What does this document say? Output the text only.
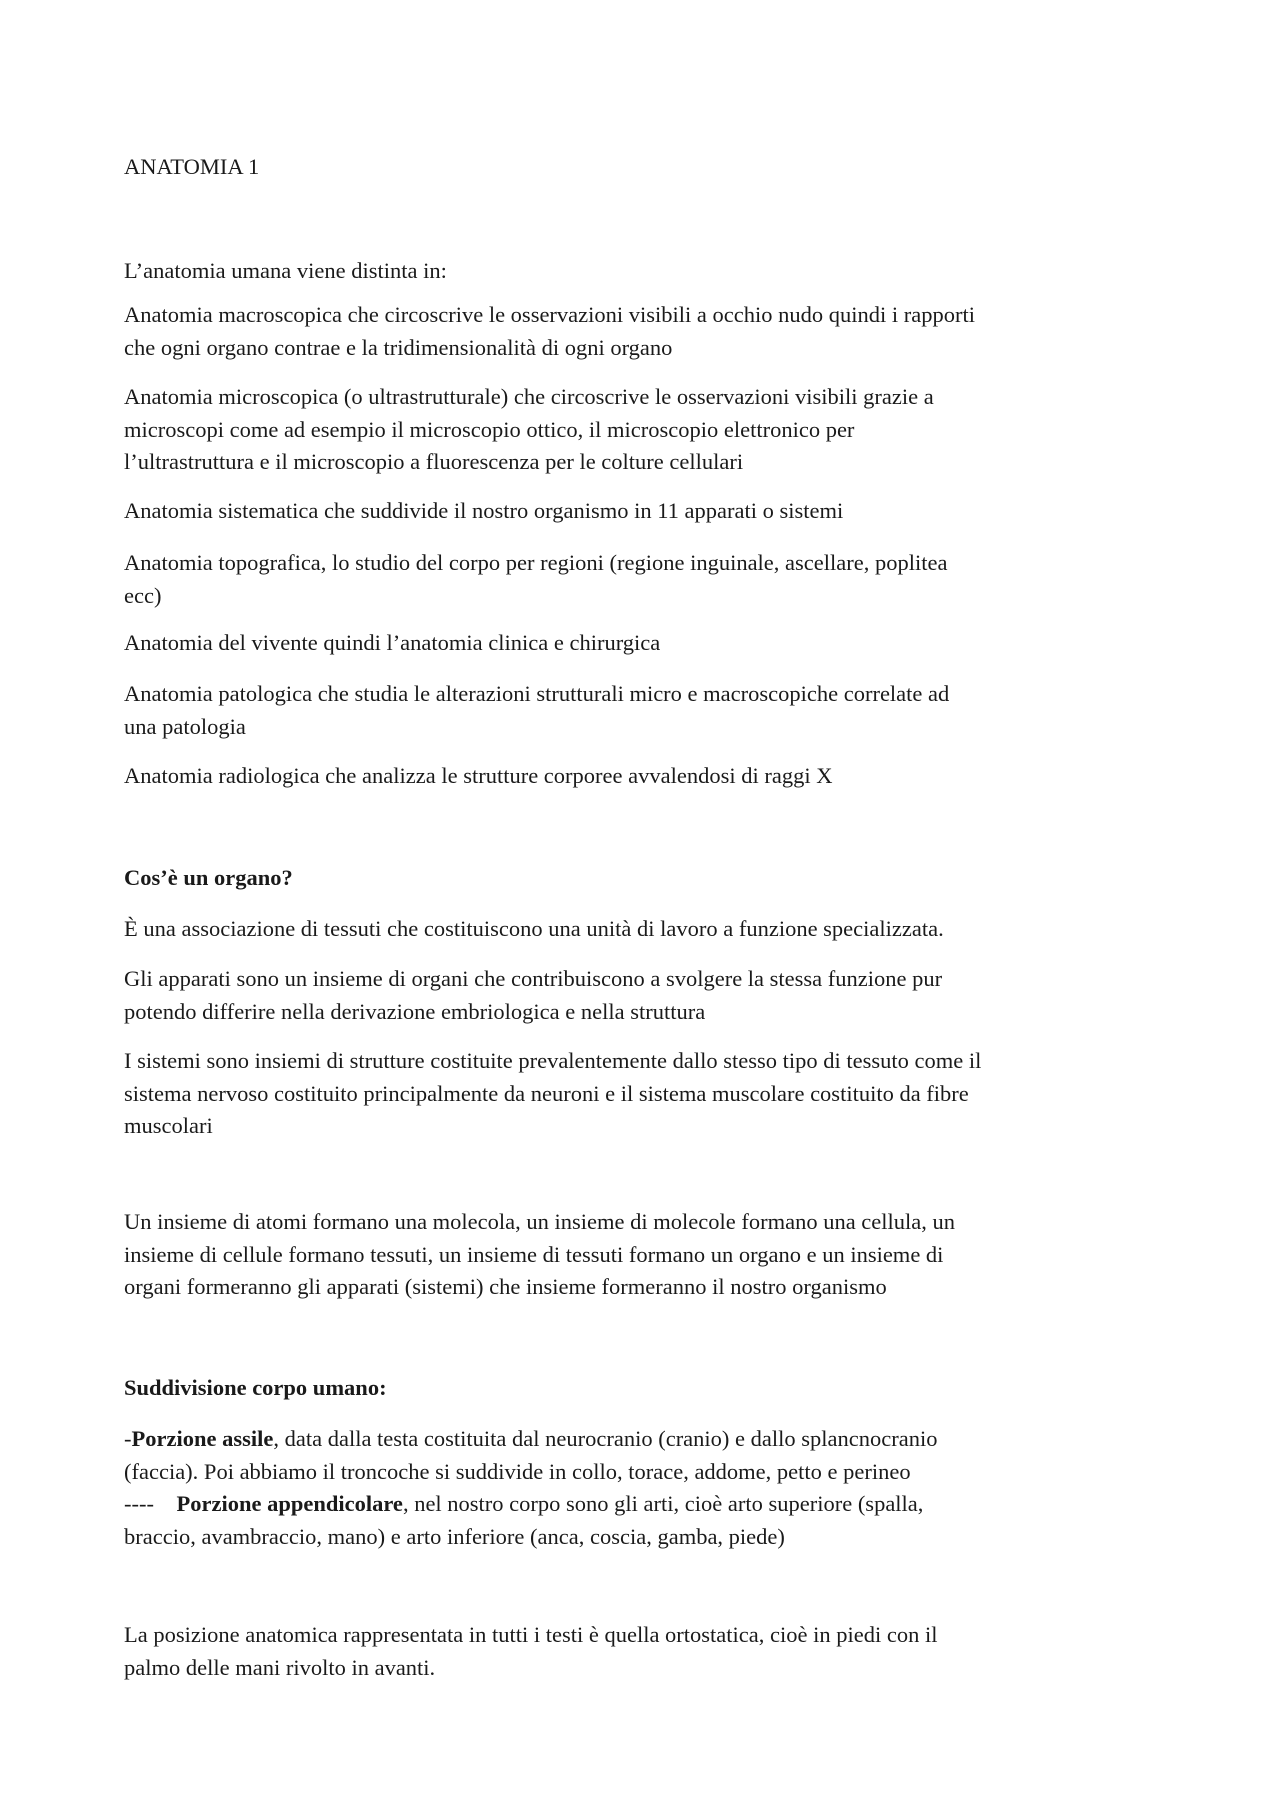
ANATOMIA 1

L’anatomia umana viene distinta in:

Anatomia macroscopica che circoscrive le osservazioni visibili a occhio nudo quindi i rapporti
che ogni organo contrae e la tridimensionalità di ogni organo

Anatomia microscopica (o ultrastrutturale) che circoscrive le osservazioni visibili grazie a
microscopi come ad esempio il microscopio ottico, il microscopio elettronico per
l’ultrastruttura e il microscopio a fluorescenza per le colture cellulari

Anatomia sistematica che suddivide il nostro organismo in 11 apparati o sistemi

Anatomia topografica, lo studio del corpo per regioni (regione inguinale, ascellare, poplitea
ecc)

Anatomia del vivente quindi l’anatomia clinica e chirurgica

Anatomia patologica che studia le alterazioni strutturali micro e macroscopiche correlate ad
una patologia

Anatomia radiologica che analizza le strutture corporee avvalendosi di raggi X

Cos’è un organo?

È una associazione di tessuti che costituiscono una unità di lavoro a funzione specializzata.

Gli apparati sono un insieme di organi che contribuiscono a svolgere la stessa funzione pur
potendo differire nella derivazione embriologica e nella struttura

I sistemi sono insiemi di strutture costituite prevalentemente dallo stesso tipo di tessuto come il
sistema nervoso costituito principalmente da neuroni e il sistema muscolare costituito da fibre
muscolari

Un insieme di atomi formano una molecola, un insieme di molecole formano una cellula, un
insieme di cellule formano tessuti, un insieme di tessuti formano un organo e un insieme di
organi formeranno gli apparati (sistemi) che insieme formeranno il nostro organismo

Suddivisione corpo umano:

-Porzione assile, data dalla testa costituita dal neurocranio (cranio) e dallo splancnocranio
(faccia). Poi abbiamo il troncoche si suddivide in collo, torace, addome, petto e perineo

----    Porzione appendicolare, nel nostro corpo sono gli arti, cioè arto superiore (spalla,
braccio, avambraccio, mano) e arto inferiore (anca, coscia, gamba, piede)

La posizione anatomica rappresentata in tutti i testi è quella ortostatica, cioè in piedi con il
palmo delle mani rivolto in avanti.
